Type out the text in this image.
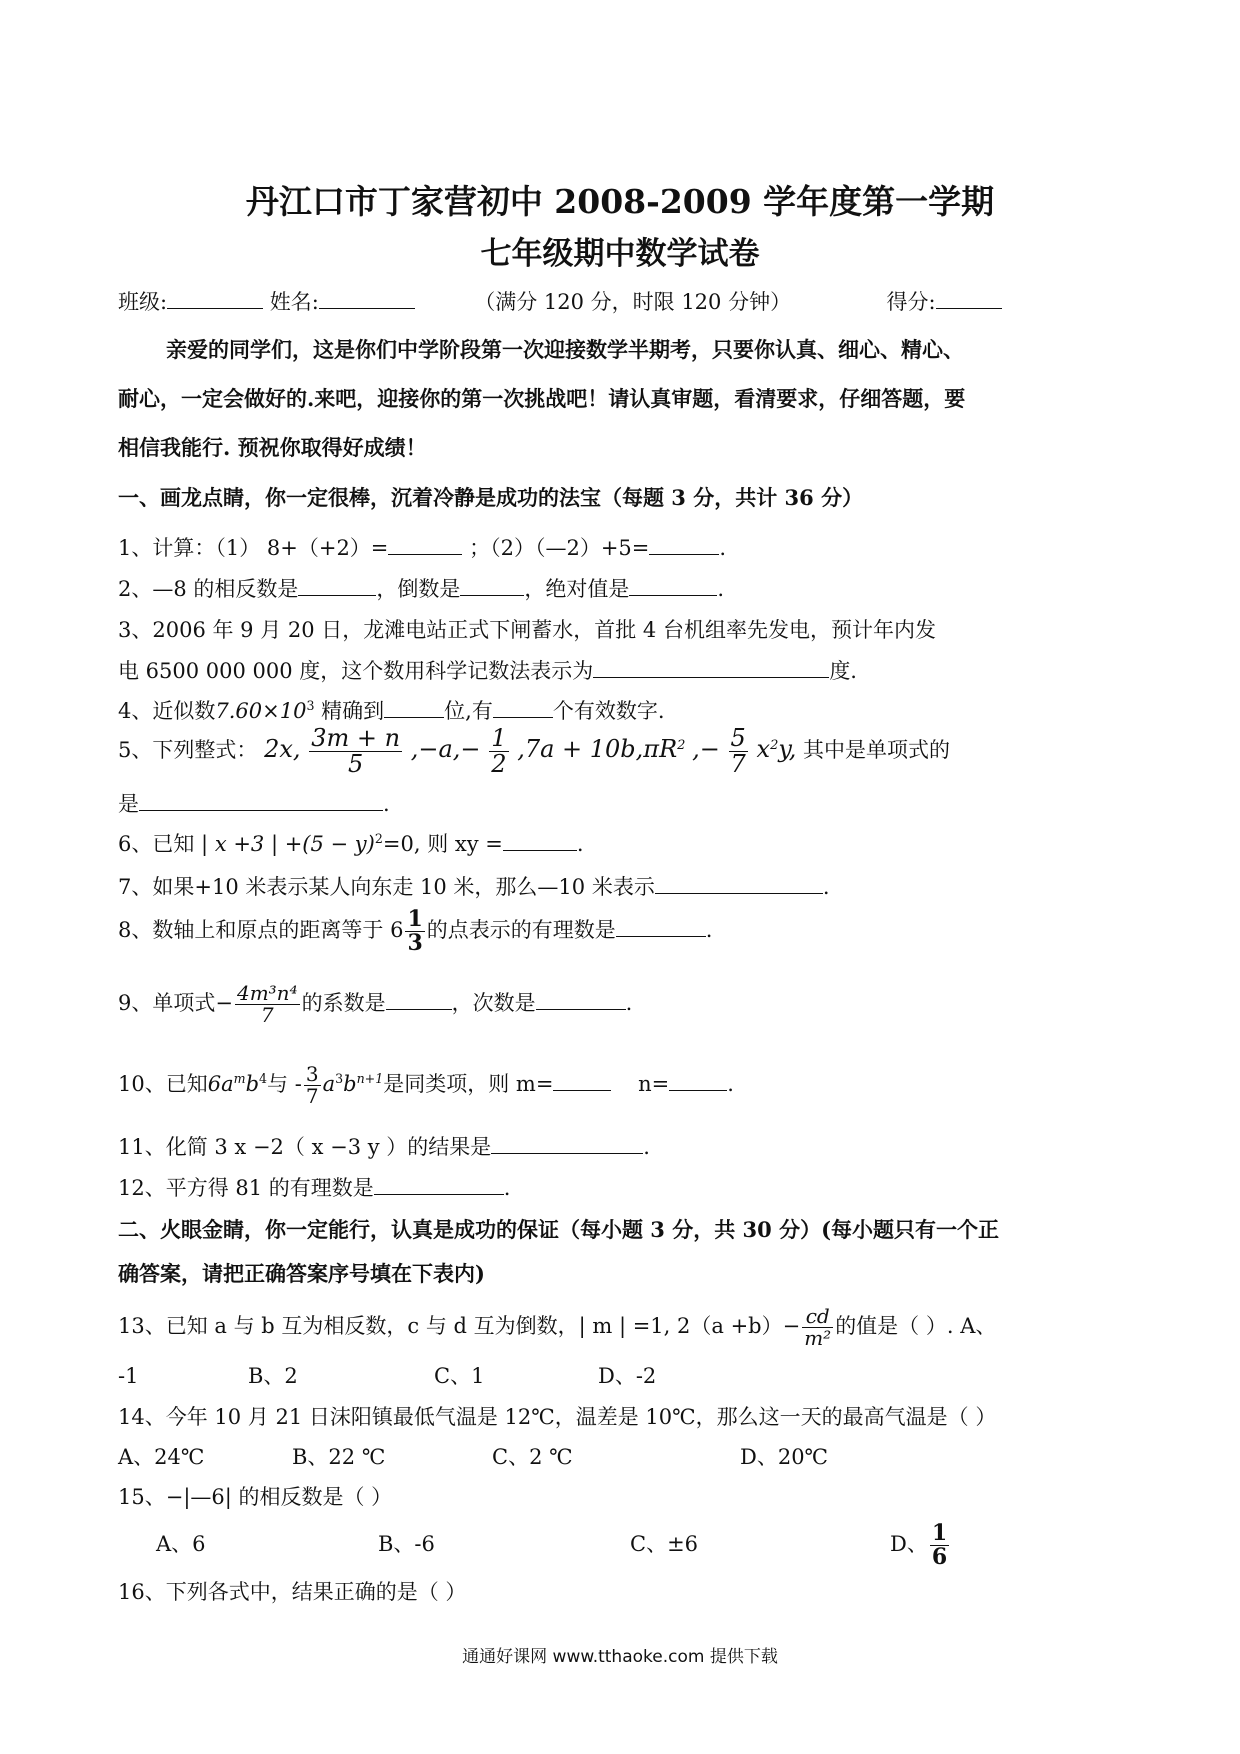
丹江口市丁家营初中 2008-2009 学年度第一学期
七年级期中数学试卷
班级:	姓名:	（满分 120 分，时限 120 分钟）	得分:
亲爱的同学们，这是你们中学阶段第一次迎接数学半期考，只要你认真、细心、精心、
耐心，一定会做好的.来吧，迎接你的第一次挑战吧！请认真审题，看清要求，仔细答题，要
相信我能行. 预祝你取得好成绩！
一、画龙点睛，你一定很棒，沉着冷静是成功的法宝（每题 3 分，共计 36 分）
1、计算：（1） 8+（+2）=	；（2）（—2）+5=	.
2、—8 的相反数是	，倒数是	，绝对值是	.
3、2006 年 9 月 20 日，龙滩电站正式下闸蓄水，首批 4 台机组率先发电，预计年内发
电 6500 000 000 度，这个数用科学记数法表示为	度.
4、近似数$7.60\times 10^3$ 精确到	位,有	个有效数字.
5、下列整式： 2x, $\frac{3m + n}{5} ,-a,- \frac{1}{2} ,7a + 10b,\pi R^2$ ,− $\frac{5}{7} x^2y$, 其中是单项式的
是	.
6、已知 | x +3 | $+(5 - y)^2=0$, 则 xy =	.
7、如果+10 米表示某人向东走 10 米，那么—10 米表示	.
8、数轴上和原点的距离等于 $6 \frac{1}{3}$ 的点表示的有理数是	.
9、单项式− $\frac{\text{4m³n⁴}}{7}$ 的系数是	，次数是	.
10、已知$6a^mb^4$与 - $\frac{3}{7} a^3b^{n+1}$是同类项，则 m=	n=	.
11、化简 3 x −2（ x −3 y ）的结果是	.
12、平方得 81 的有理数是	.
二、火眼金睛，你一定能行，认真是成功的保证（每小题 3 分，共 30 分）(每小题只有一个正
确答案，请把正确答案序号填在下表内)
13、已知 a 与 b 互为相反数，c 与 d 互为倒数，| m | =1, $2(a +b)- \frac{cd}{\text{m²}}$ 的值是（ ）. A、
-1	B、2	C、1	D、-2
14、今年 10 月 21 日沫阳镇最低气温是 12℃，温差是 10℃，那么这一天的最高气温是（ ）
A、24℃	B、22 ℃	C、2 ℃	D、20℃
15、−|—6| 的相反数是（ ）
A、6	B、-6	C、±6	D、 $\frac{1}{6}$
16、下列各式中，结果正确的是（ ）
通通好课网 www.tthaoke.com 提供下载
